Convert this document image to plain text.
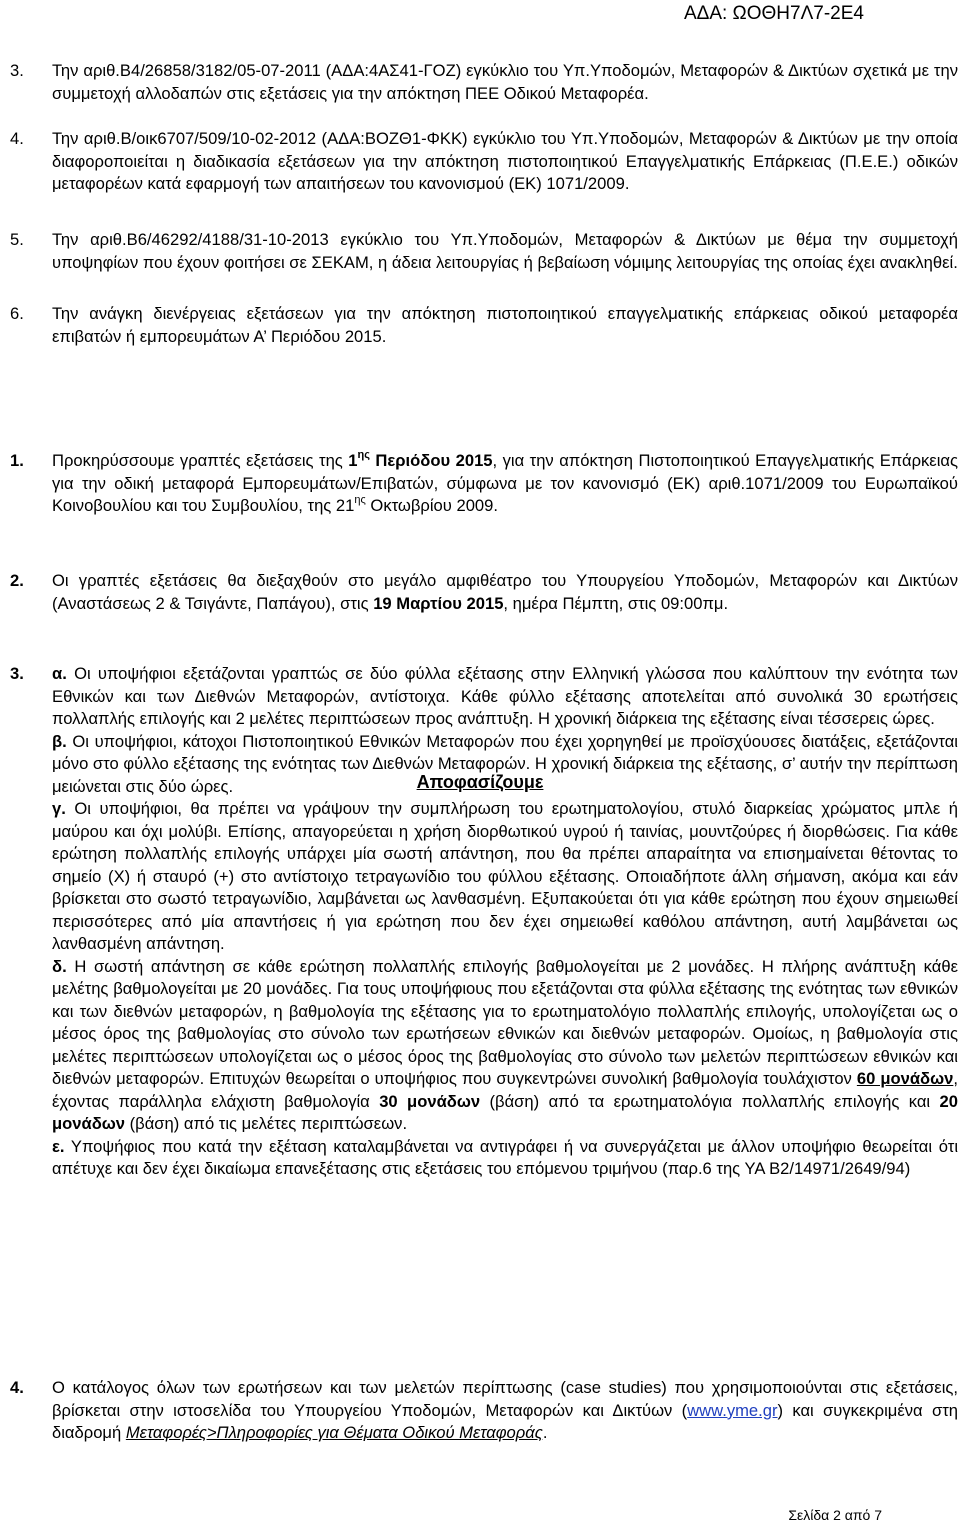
ΑΔΑ: ΩΟΘΗ7Λ7-2Ε4
3. Την αριθ.Β4/26858/3182/05-07-2011 (ΑΔΑ:4ΑΣ41-ΓΟΖ) εγκύκλιο του Υπ.Υποδομών, Μεταφορών & Δικτύων σχετικά με την συμμετοχή αλλοδαπών στις εξετάσεις για την απόκτηση ΠΕΕ Οδικού Μεταφορέα.
4. Την αριθ.Β/οικ6707/509/10-02-2012 (ΑΔΑ:ΒΟΖΘ1-ΦΚΚ) εγκύκλιο του Υπ.Υποδομών, Μεταφορών & Δικτύων με την οποία διαφοροποιείται η διαδικασία εξετάσεων για την απόκτηση πιστοποιητικού Επαγγελματικής Επάρκειας (Π.Ε.Ε.) οδικών μεταφορέων κατά εφαρμογή των απαιτήσεων του κανονισμού (ΕΚ) 1071/2009.
5. Την αριθ.Β6/46292/4188/31-10-2013 εγκύκλιο του Υπ.Υποδομών, Μεταφορών & Δικτύων με θέμα την συμμετοχή υποψηφίων που έχουν φοιτήσει σε ΣΕΚΑΜ, η άδεια λειτουργίας ή βεβαίωση νόμιμης λειτουργίας της οποίας έχει ανακληθεί.
6. Την ανάγκη διενέργειας εξετάσεων για την απόκτηση πιστοποιητικού επαγγελματικής επάρκειας οδικού μεταφορέα επιβατών ή εμπορευμάτων Α’ Περιόδου 2015.
Αποφασίζουμε
1. Προκηρύσσουμε γραπτές εξετάσεις της $1^{\eta\varsigma}$ Περιόδου 2015, για την απόκτηση Πιστοποιητικού Επαγγελματικής Επάρκειας για την οδική μεταφορά Εμπορευμάτων/Επιβατών, σύμφωνα με τον κανονισμό (ΕΚ) αριθ.1071/2009 του Ευρωπαϊκού Κοινοβουλίου και του Συμβουλίου, της $21^{\eta\varsigma}$ Οκτωβρίου 2009.
2. Οι γραπτές εξετάσεις θα διεξαχθούν στο μεγάλο αμφιθέατρο του Υπουργείου Υποδομών, Μεταφορών και Δικτύων (Αναστάσεως 2 & Τσιγάντε, Παπάγου), στις 19 Μαρτίου 2015, ημέρα Πέμπτη, στις 09:00πμ.
3. α. Οι υποψήφιοι εξετάζονται γραπτώς σε δύο φύλλα εξέτασης στην Ελληνική γλώσσα που καλύπτουν την ενότητα των Εθνικών και των Διεθνών Μεταφορών, αντίστοιχα. Κάθε φύλλο εξέτασης αποτελείται από συνολικά 30 ερωτήσεις πολλαπλής επιλογής και 2 μελέτες περιπτώσεων προς ανάπτυξη. Η χρονική διάρκεια της εξέτασης είναι τέσσερεις ώρες.
β. Οι υποψήφιοι, κάτοχοι Πιστοποιητικού Εθνικών Μεταφορών που έχει χορηγηθεί με προϊσχύουσες διατάξεις, εξετάζονται μόνο στο φύλλο εξέτασης της ενότητας των Διεθνών Μεταφορών. Η χρονική διάρκεια της εξέτασης, σ’ αυτήν την περίπτωση μειώνεται στις δύο ώρες.
γ. Οι υποψήφιοι, θα πρέπει να γράψουν την συμπλήρωση του ερωτηματολογίου, στυλό διαρκείας χρώματος μπλε ή μαύρου και όχι μολύβι. Επίσης, απαγορεύεται η χρήση διορθωτικού υγρού ή ταινίας, μουντζούρες ή διορθώσεις. Για κάθε ερώτηση πολλαπλής επιλογής υπάρχει μία σωστή απάντηση, που θα πρέπει απαραίτητα να επισημαίνεται θέτοντας το σημείο (Χ) ή σταυρό (+) στο αντίστοιχο τετραγωνίδιο του φύλλου εξέτασης. Οποιαδήποτε άλλη σήμανση, ακόμα και εάν βρίσκεται στο σωστό τετραγωνίδιο, λαμβάνεται ως λανθασμένη. Εξυπακούεται ότι για κάθε ερώτηση που έχουν σημειωθεί περισσότερες από μία απαντήσεις ή για ερώτηση που δεν έχει σημειωθεί καθόλου απάντηση, αυτή λαμβάνεται ως λανθασμένη απάντηση.
δ. Η σωστή απάντηση σε κάθε ερώτηση πολλαπλής επιλογής βαθμολογείται με 2 μονάδες. Η πλήρης ανάπτυξη κάθε μελέτης βαθμολογείται με 20 μονάδες. Για τους υποψήφιους που εξετάζονται στα φύλλα εξέτασης της ενότητας των εθνικών και των διεθνών μεταφορών, η βαθμολογία της εξέτασης για το ερωτηματολόγιο πολλαπλής επιλογής, υπολογίζεται ως ο μέσος όρος της βαθμολογίας στο σύνολο των ερωτήσεων εθνικών και διεθνών μεταφορών. Ομοίως, η βαθμολογία στις μελέτες περιπτώσεων υπολογίζεται ως ο μέσος όρος της βαθμολογίας στο σύνολο των μελετών περιπτώσεων εθνικών και διεθνών μεταφορών. Επιτυχών θεωρείται ο υποψήφιος που συγκεντρώνει συνολική βαθμολογία τουλάχιστον 60 μονάδων, έχοντας παράλληλα ελάχιστη βαθμολογία 30 μονάδων (βάση) από τα ερωτηματολόγια πολλαπλής επιλογής και 20 μονάδων (βάση) από τις μελέτες περιπτώσεων.
ε. Υποψήφιος που κατά την εξέταση καταλαμβάνεται να αντιγράφει ή να συνεργάζεται με άλλον υποψήφιο θεωρείται ότι απέτυχε και δεν έχει δικαίωμα επανεξέτασης στις εξετάσεις του επόμενου τριμήνου (παρ.6 της ΥΑ Β2/14971/2649/94)
4. Ο κατάλογος όλων των ερωτήσεων και των μελετών περίπτωσης (case studies) που χρησιμοποιούνται στις εξετάσεις, βρίσκεται στην ιστοσελίδα του Υπουργείου Υποδομών, Μεταφορών και Δικτύων (www.yme.gr) και συγκεκριμένα στη διαδρομή Μεταφορές>Πληροφορίες για Θέματα Οδικού Μεταφοράς.
Σελίδα 2 από 7
